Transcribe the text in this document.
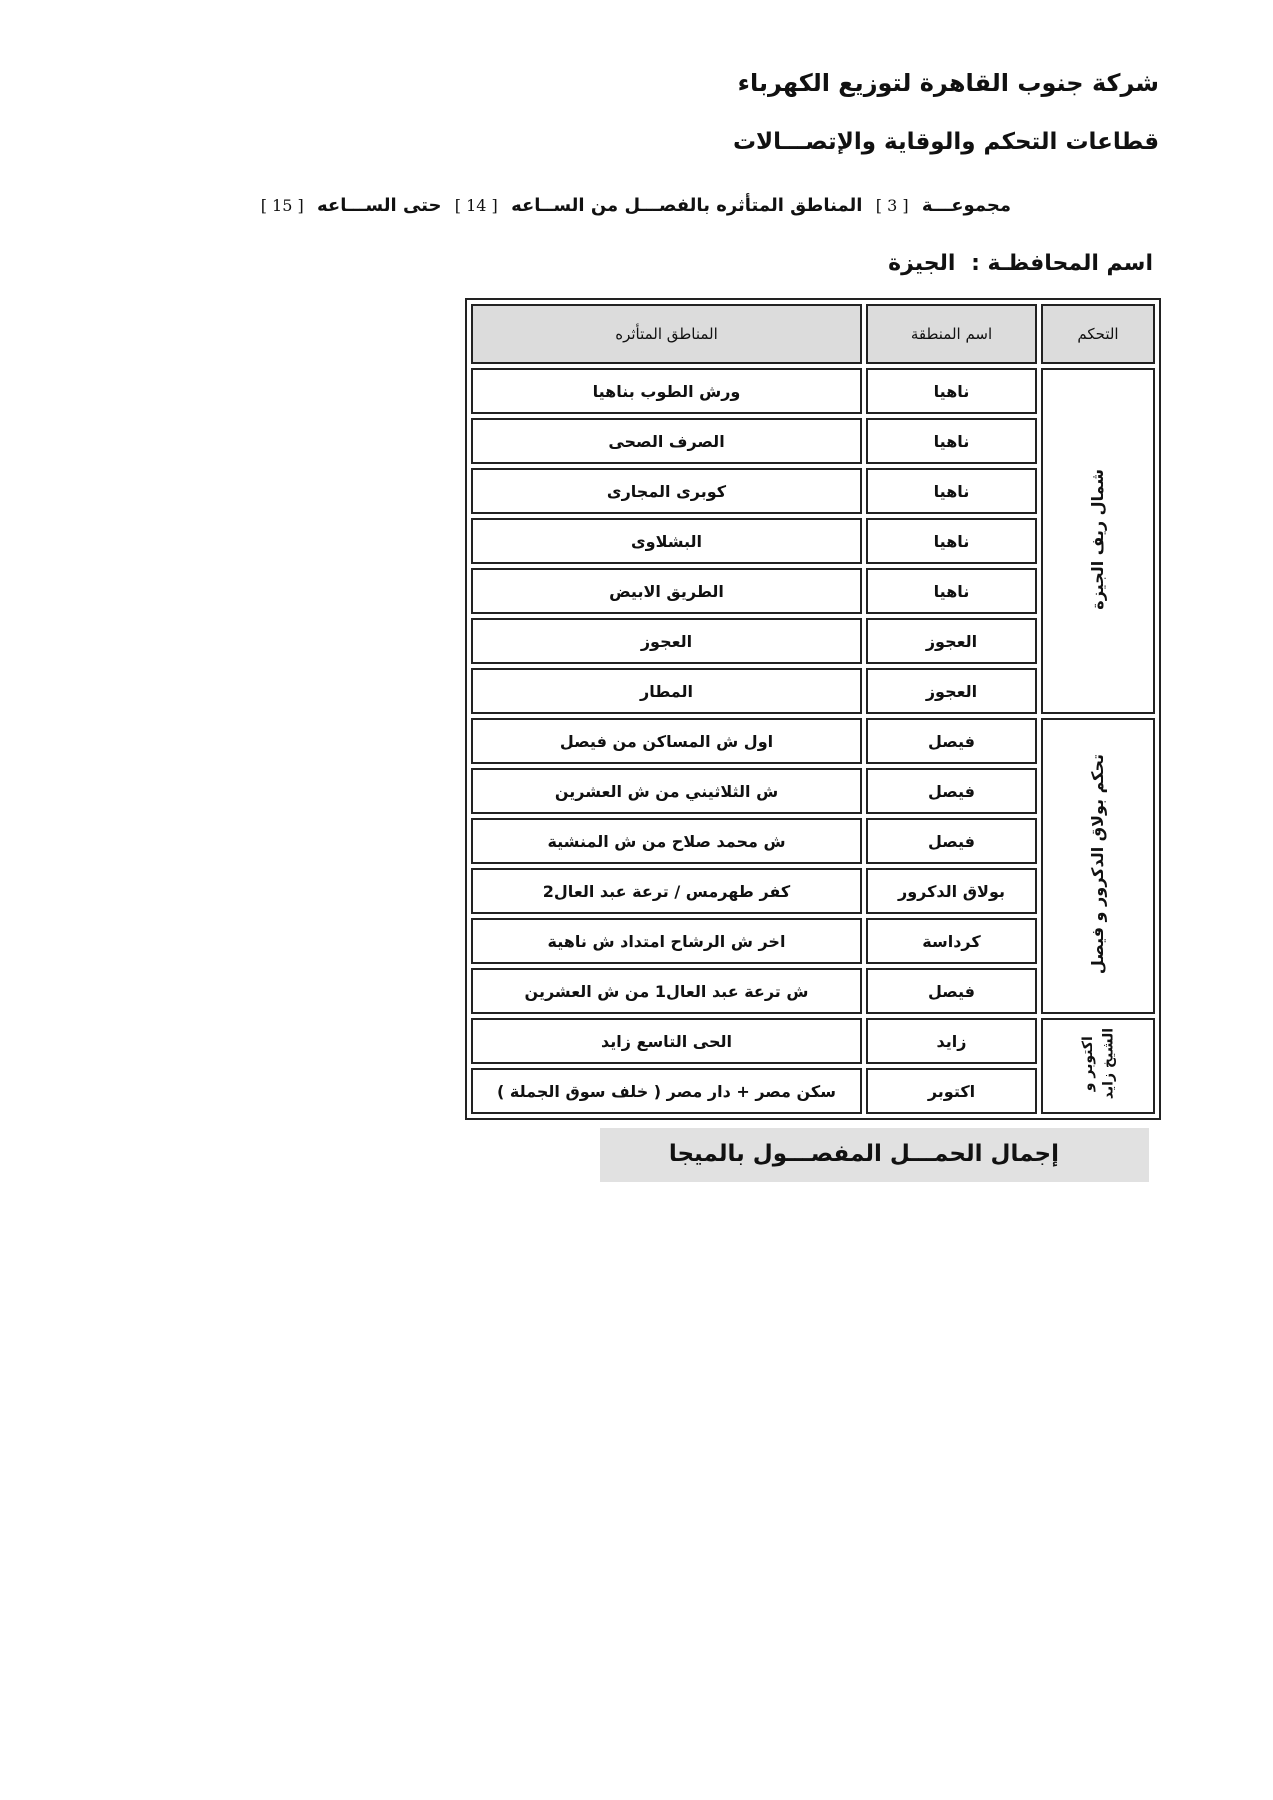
شركة جنوب القاهرة لتوزيع الكهرباء
قطاعات التحكم والوقاية والإتصـــالات
مجموعـــة [ 3 ] المناطق المتأثره بالفصـــل من الســاعه [ 14 ] حتى الســـاعه [ 15 ]
اسم المحافظـة : الجيزة
التحكم	اسم المنطقة	المناطق المتأثره

شمال ريف الجيزة	ناهيا	ورش الطوب بناهيا
	ناهيا	الصرف الصحى
	ناهيا	كوبرى المجارى
	ناهيا	البشلاوى
	ناهيا	الطريق الابيض
	العجوز	العجوز
	العجوز	المطار

تحكم بولاق الدكرور و فيصل	فيصل	اول ش المساكن من فيصل
	فيصل	ش الثلاثيني من ش العشرين
	فيصل	ش محمد صلاح من ش المنشية
	بولاق الدكرور	كفر طهرمس / ترعة عبد العال2
	كرداسة	اخر ش الرشاح امتداد ش ناهية
	فيصل	ش ترعة عبد العال1 من ش العشرين

اكتوبر و الشيخ زايد	زايد	الحى التاسع زايد
	اكتوبر	سكن مصر + دار مصر ( خلف سوق الجملة )
إجمال الحمـــل المفصـــول بالميجا
